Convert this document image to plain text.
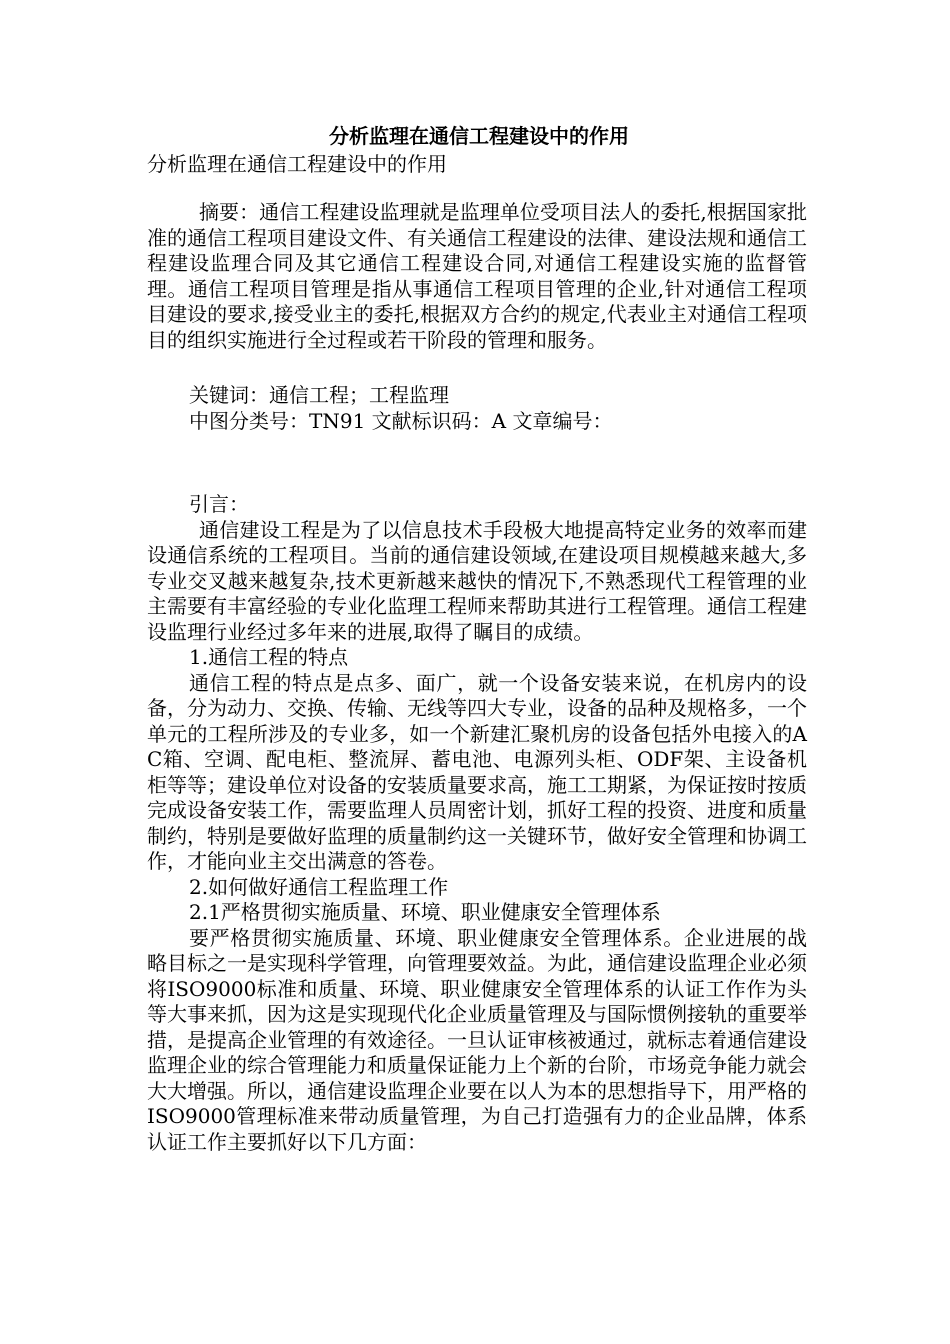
分析监理在通信工程建设中的作用

分析监理在通信工程建设中的作用

摘要：通信工程建设监理就是监理单位受项目法人的委托,根据国家批准的通信工程项目建设文件、有关通信工程建设的法律、建设法规和通信工程建设监理合同及其它通信工程建设合同,对通信工程建设实施的监督管理。通信工程项目管理是指从事通信工程项目管理的企业,针对通信工程项目建设的要求,接受业主的委托,根据双方合约的规定,代表业主对通信工程项目的组织实施进行全过程或若干阶段的管理和服务。

关键词：通信工程；工程监理

中图分类号：TN91 文献标识码：A 文章编号：

引言：

通信建设工程是为了以信息技术手段极大地提高特定业务的效率而建设通信系统的工程项目。当前的通信建设领域,在建设项目规模越来越大,多专业交叉越来越复杂,技术更新越来越快的情况下,不熟悉现代工程管理的业主需要有丰富经验的专业化监理工程师来帮助其进行工程管理。通信工程建设监理行业经过多年来的进展,取得了瞩目的成绩。

1.通信工程的特点

通信工程的特点是点多、面广，就一个设备安装来说，在机房内的设备，分为动力、交换、传输、无线等四大专业，设备的品种及规格多，一个单元的工程所涉及的专业多，如一个新建汇聚机房的设备包括外电接入的AC箱、空调、配电柜、整流屏、蓄电池、电源列头柜、ODF架、主设备机柜等等；建设单位对设备的安装质量要求高，施工工期紧，为保证按时按质完成设备安装工作，需要监理人员周密计划，抓好工程的投资、进度和质量制约，特别是要做好监理的质量制约这一关键环节，做好安全管理和协调工作，才能向业主交出满意的答卷。

2.如何做好通信工程监理工作

2.1严格贯彻实施质量、环境、职业健康安全管理体系

要严格贯彻实施质量、环境、职业健康安全管理体系。企业进展的战略目标之一是实现科学管理，向管理要效益。为此，通信建设监理企业必须将ISO9000标准和质量、环境、职业健康安全管理体系的认证工作作为头等大事来抓，因为这是实现现代化企业质量管理及与国际惯例接轨的重要举措，是提高企业管理的有效途径。一旦认证审核被通过，就标志着通信建设监理企业的综合管理能力和质量保证能力上个新的台阶，市场竞争能力就会大大增强。所以，通信建设监理企业要在以人为本的思想指导下，用严格的ISO9000管理标准来带动质量管理，为自己打造强有力的企业品牌，体系认证工作主要抓好以下几方面：
